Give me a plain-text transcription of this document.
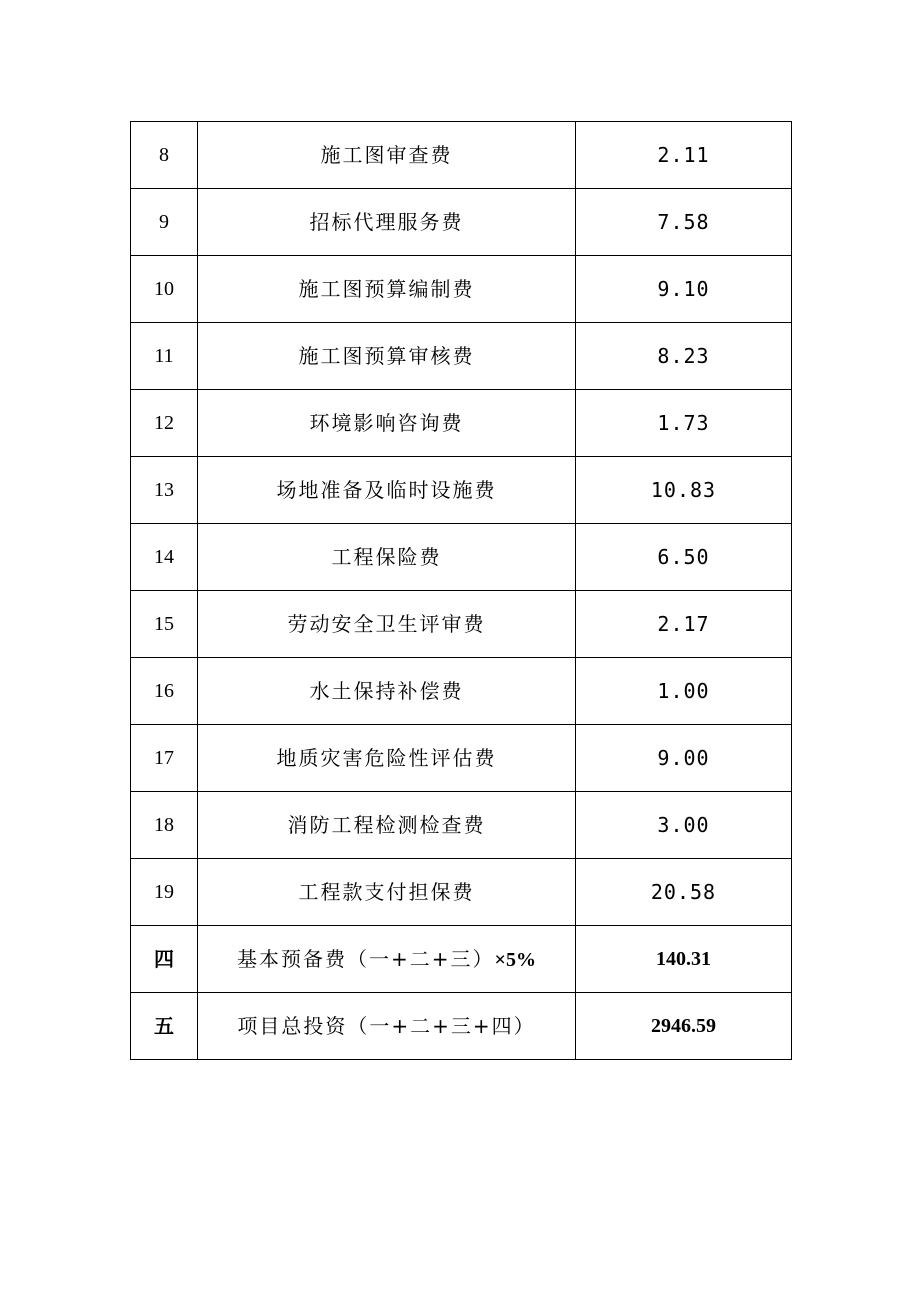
8	施工图审查费	2.11
9	招标代理服务费	7.58
10	施工图预算编制费	9.10
11	施工图预算审核费	8.23
12	环境影响咨询费	1.73
13	场地准备及临时设施费	10.83
14	工程保险费	6.50
15	劳动安全卫生评审费	2.17
16	水土保持补偿费	1.00
17	地质灾害危险性评估费	9.00
18	消防工程检测检查费	3.00
19	工程款支付担保费	20.58
四	基本预备费（一+二+三）×5%	140.31
五	项目总投资（一+二+三+四）	2946.59
